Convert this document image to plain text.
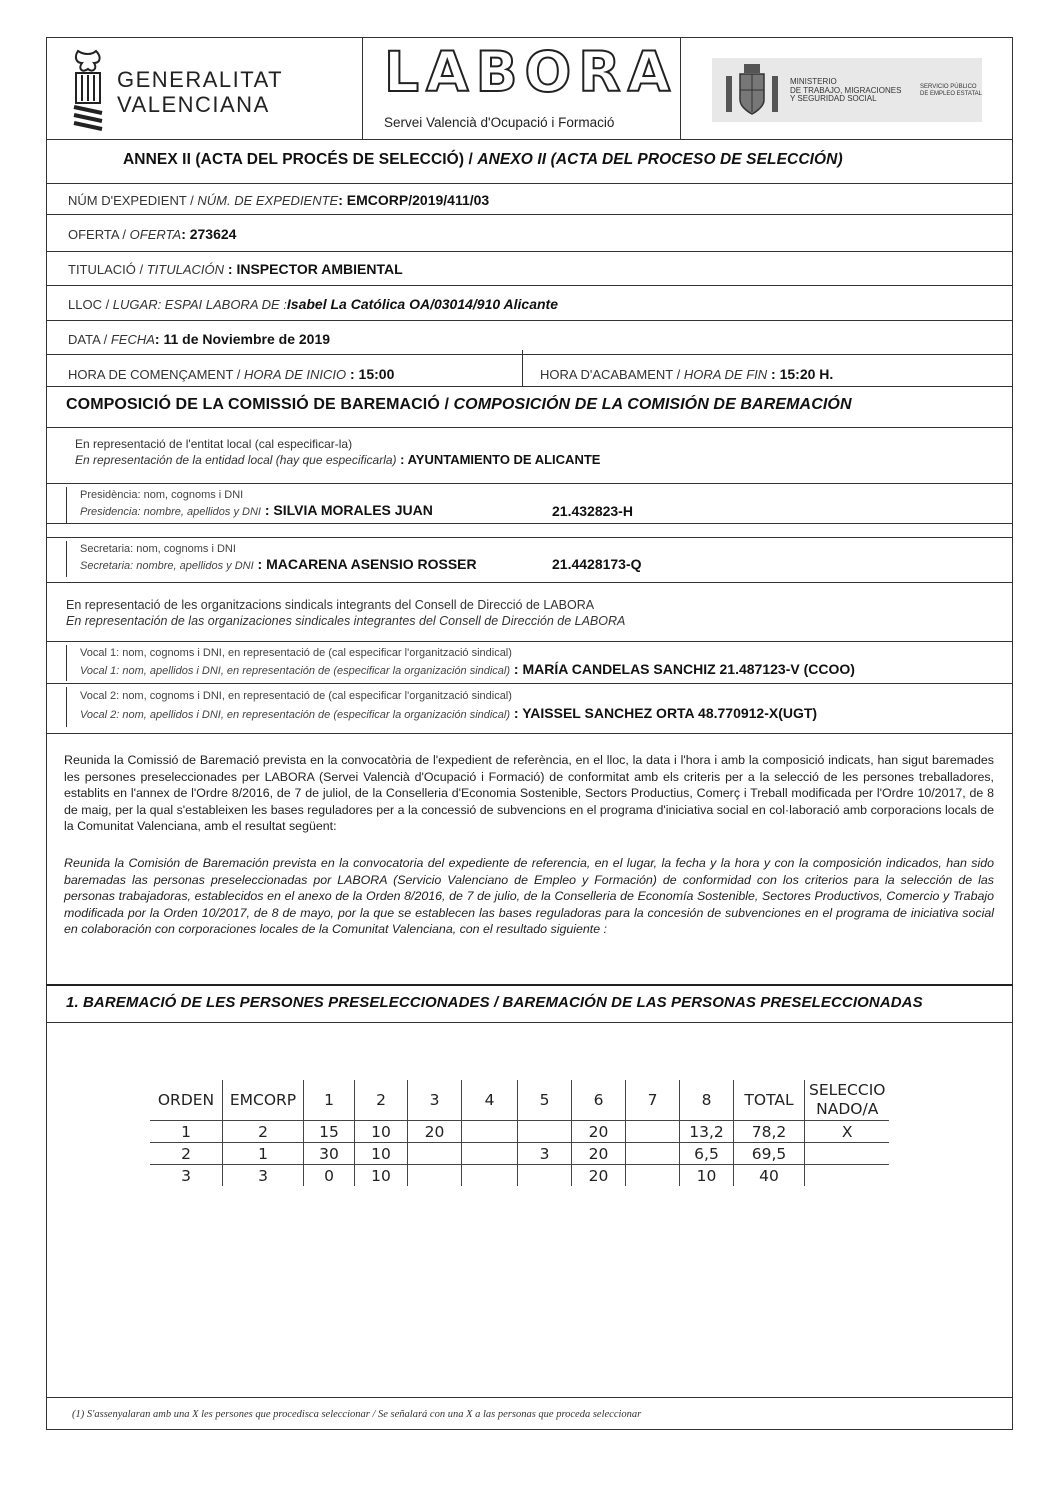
GENERALITAT
VALENCIANA
LABORA
Servei Valencià d'Ocupació i Formació
MINISTERIO
DE TRABAJO, MIGRACIONES
Y SEGURIDAD SOCIAL
SERVICIO PÚBLICO
DE EMPLEO ESTATAL
ANNEX II (ACTA DEL PROCÉS DE SELECCIÓ) / ANEXO II (ACTA DEL PROCESO DE SELECCIÓN)
NÚM D'EXPEDIENT / NÚM. DE EXPEDIENTE: EMCORP/2019/411/03
OFERTA / OFERTA: 273624
TITULACIÓ / TITULACIÓN : INSPECTOR AMBIENTAL
LLOC / LUGAR: ESPAI LABORA DE :Isabel La Católica OA/03014/910 Alicante
DATA / FECHA: 11 de Noviembre de 2019
HORA DE COMENÇAMENT / HORA DE INICIO : 15:00	HORA D'ACABAMENT / HORA DE FIN : 15:20 H.
COMPOSICIÓ DE LA COMISSIÓ DE BAREMACIÓ / COMPOSICIÓN DE LA COMISIÓN DE BAREMACIÓN
En representació de l'entitat local (cal especificar-la)
En representación de la entidad local (hay que especificarla) : AYUNTAMIENTO DE ALICANTE
Presidència: nom, cognoms i DNI
Presidencia: nombre, apellidos y DNI : SILVIA MORALES JUAN	21.432823-H
Secretaria: nom, cognoms i DNI
Secretaria: nombre, apellidos y DNI : MACARENA ASENSIO ROSSER	21.4428173-Q
En representació de les organitzacions sindicals integrants del Consell de Direcció de LABORA
En representación de las organizaciones sindicales integrantes del Consell de Dirección de LABORA
Vocal 1: nom, cognoms i DNI, en representació de (cal especificar l'organització sindical)
Vocal 1: nom, apellidos i DNI, en representación de (especificar la organización sindical) : MARÍA CANDELAS SANCHIZ 21.487123-V (CCOO)
Vocal 2: nom, cognoms i DNI, en representació de (cal especificar l'organització sindical)
Vocal 2: nom, apellidos i DNI, en representación de (especificar la organización sindical) : YAISSEL SANCHEZ ORTA 48.770912-X(UGT)
Reunida la Comissió de Baremació prevista en la convocatòria de l'expedient de referència, en el lloc, la data i l'hora i amb la composició indicats, han sigut baremades les persones preseleccionades per LABORA (Servei Valencià d'Ocupació i Formació) de conformitat amb els criteris per a la selecció de les persones treballadores, establits en l'annex de l'Ordre 8/2016, de 7 de juliol, de la Conselleria d'Economia Sostenible, Sectors Productius, Comerç i Treball modificada per l'Ordre 10/2017, de 8 de maig, per la qual s'estableixen les bases reguladores per a la concessió de subvencions en el programa d'iniciativa social en col·laboració amb corporacions locals de la Comunitat Valenciana, amb el resultat següent:
Reunida la Comisión de Baremación prevista en la convocatoria del expediente de referencia, en el lugar, la fecha y la hora y con la composición indicados, han sido baremadas las personas preseleccionadas por LABORA (Servicio Valenciano de Empleo y Formación) de conformidad con los criterios para la selección de las personas trabajadoras, establecidos en el anexo de la Orden 8/2016, de 7 de julio, de la Conselleria de Economía Sostenible, Sectores Productivos, Comercio y Trabajo modificada por la Orden 10/2017, de 8 de mayo, por la que se establecen las bases reguladoras para la concesión de subvenciones en el programa de iniciativa social en colaboración con corporaciones locales de la Comunitat Valenciana, con el resultado siguiente :
1. BAREMACIÓ DE LES PERSONES PRESELECCIONADES / BAREMACIÓN DE LAS PERSONAS PRESELECCIONADAS
ORDEN	EMCORP	1	2	3	4	5	6	7	8	TOTAL	SELECCIO
NADO/A

1	2	15	10	20			20		13,2	78,2	X
2	1	30	10			3	20		6,5	69,5	
3	3	0	10				20		10	40	
(1) S'assenyalaran amb una X les persones que procedisca seleccionar / Se señalará con una X a las personas que proceda seleccionar
